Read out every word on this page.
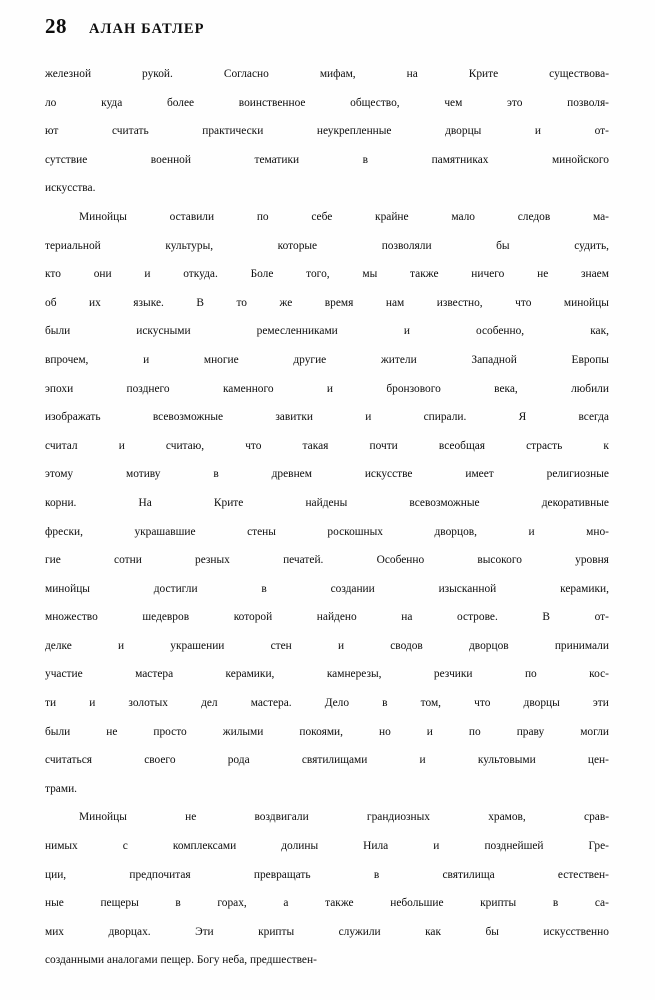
28 АЛАН БАТЛЕР

железной	рукой.	Согласно	мифам,	на	Крите	существова-
ло	куда	более	воинственное	общество,	чем	это	позволя-
ют	считать	практически	неукрепленные	дворцы	и	от-
сутствие	военной	тематики	в	памятниках	минойского
искусства.

Минойцы	оставили	по	себе	крайне	мало	следов	ма-
териальной	культуры,	которые	позволяли	бы	судить,
кто	они	и	откуда.	Боле	того,	мы	также	ничего	не	знаем
об	их	языке.	В	то	же	время	нам	известно,	что	минойцы
были	искусными	ремесленниками	и	особенно,	как,
впрочем,	и	многие	другие	жители	Западной	Европы
эпохи	позднего	каменного	и	бронзового	века,	любили
изображать	всевозможные	завитки	и	спирали.	Я	всегда
считал	и	считаю,	что	такая	почти	всеобщая	страсть	к
этому	мотиву	в	древнем	искусстве	имеет	религиозные
корни.	На	Крите	найдены	всевозможные	декоративные
фрески,	украшавшие	стены	роскошных	дворцов,	и	мно-
гие	сотни	резных	печатей.	Особенно	высокого	уровня
минойцы	достигли	в	создании	изысканной	керамики,
множество	шедевров	которой	найдено	на	острове.	В	от-
делке	и	украшении	стен	и	сводов	дворцов	принимали
участие	мастера	керамики,	камнерезы,	резчики	по	кос-
ти	и	золотых	дел	мастера.	Дело	в	том,	что	дворцы	эти
были	не	просто	жилыми	покоями,	но	и	по	праву	могли
считаться	своего	рода	святилищами	и	культовыми	цен-
трами.

Минойцы	не	воздвигали	грандиозных	храмов,	срав-
нимых	с	комплексами	долины	Нила	и	позднейшей	Гре-
ции,	предпочитая	превращать	в	святилища	естествен-
ные	пещеры	в	горах,	а	также	небольшие	крипты	в	са-
мих	дворцах.	Эти	крипты	служили	как	бы	искусственно
созданными аналогами пещер. Богу неба, предшествен-
